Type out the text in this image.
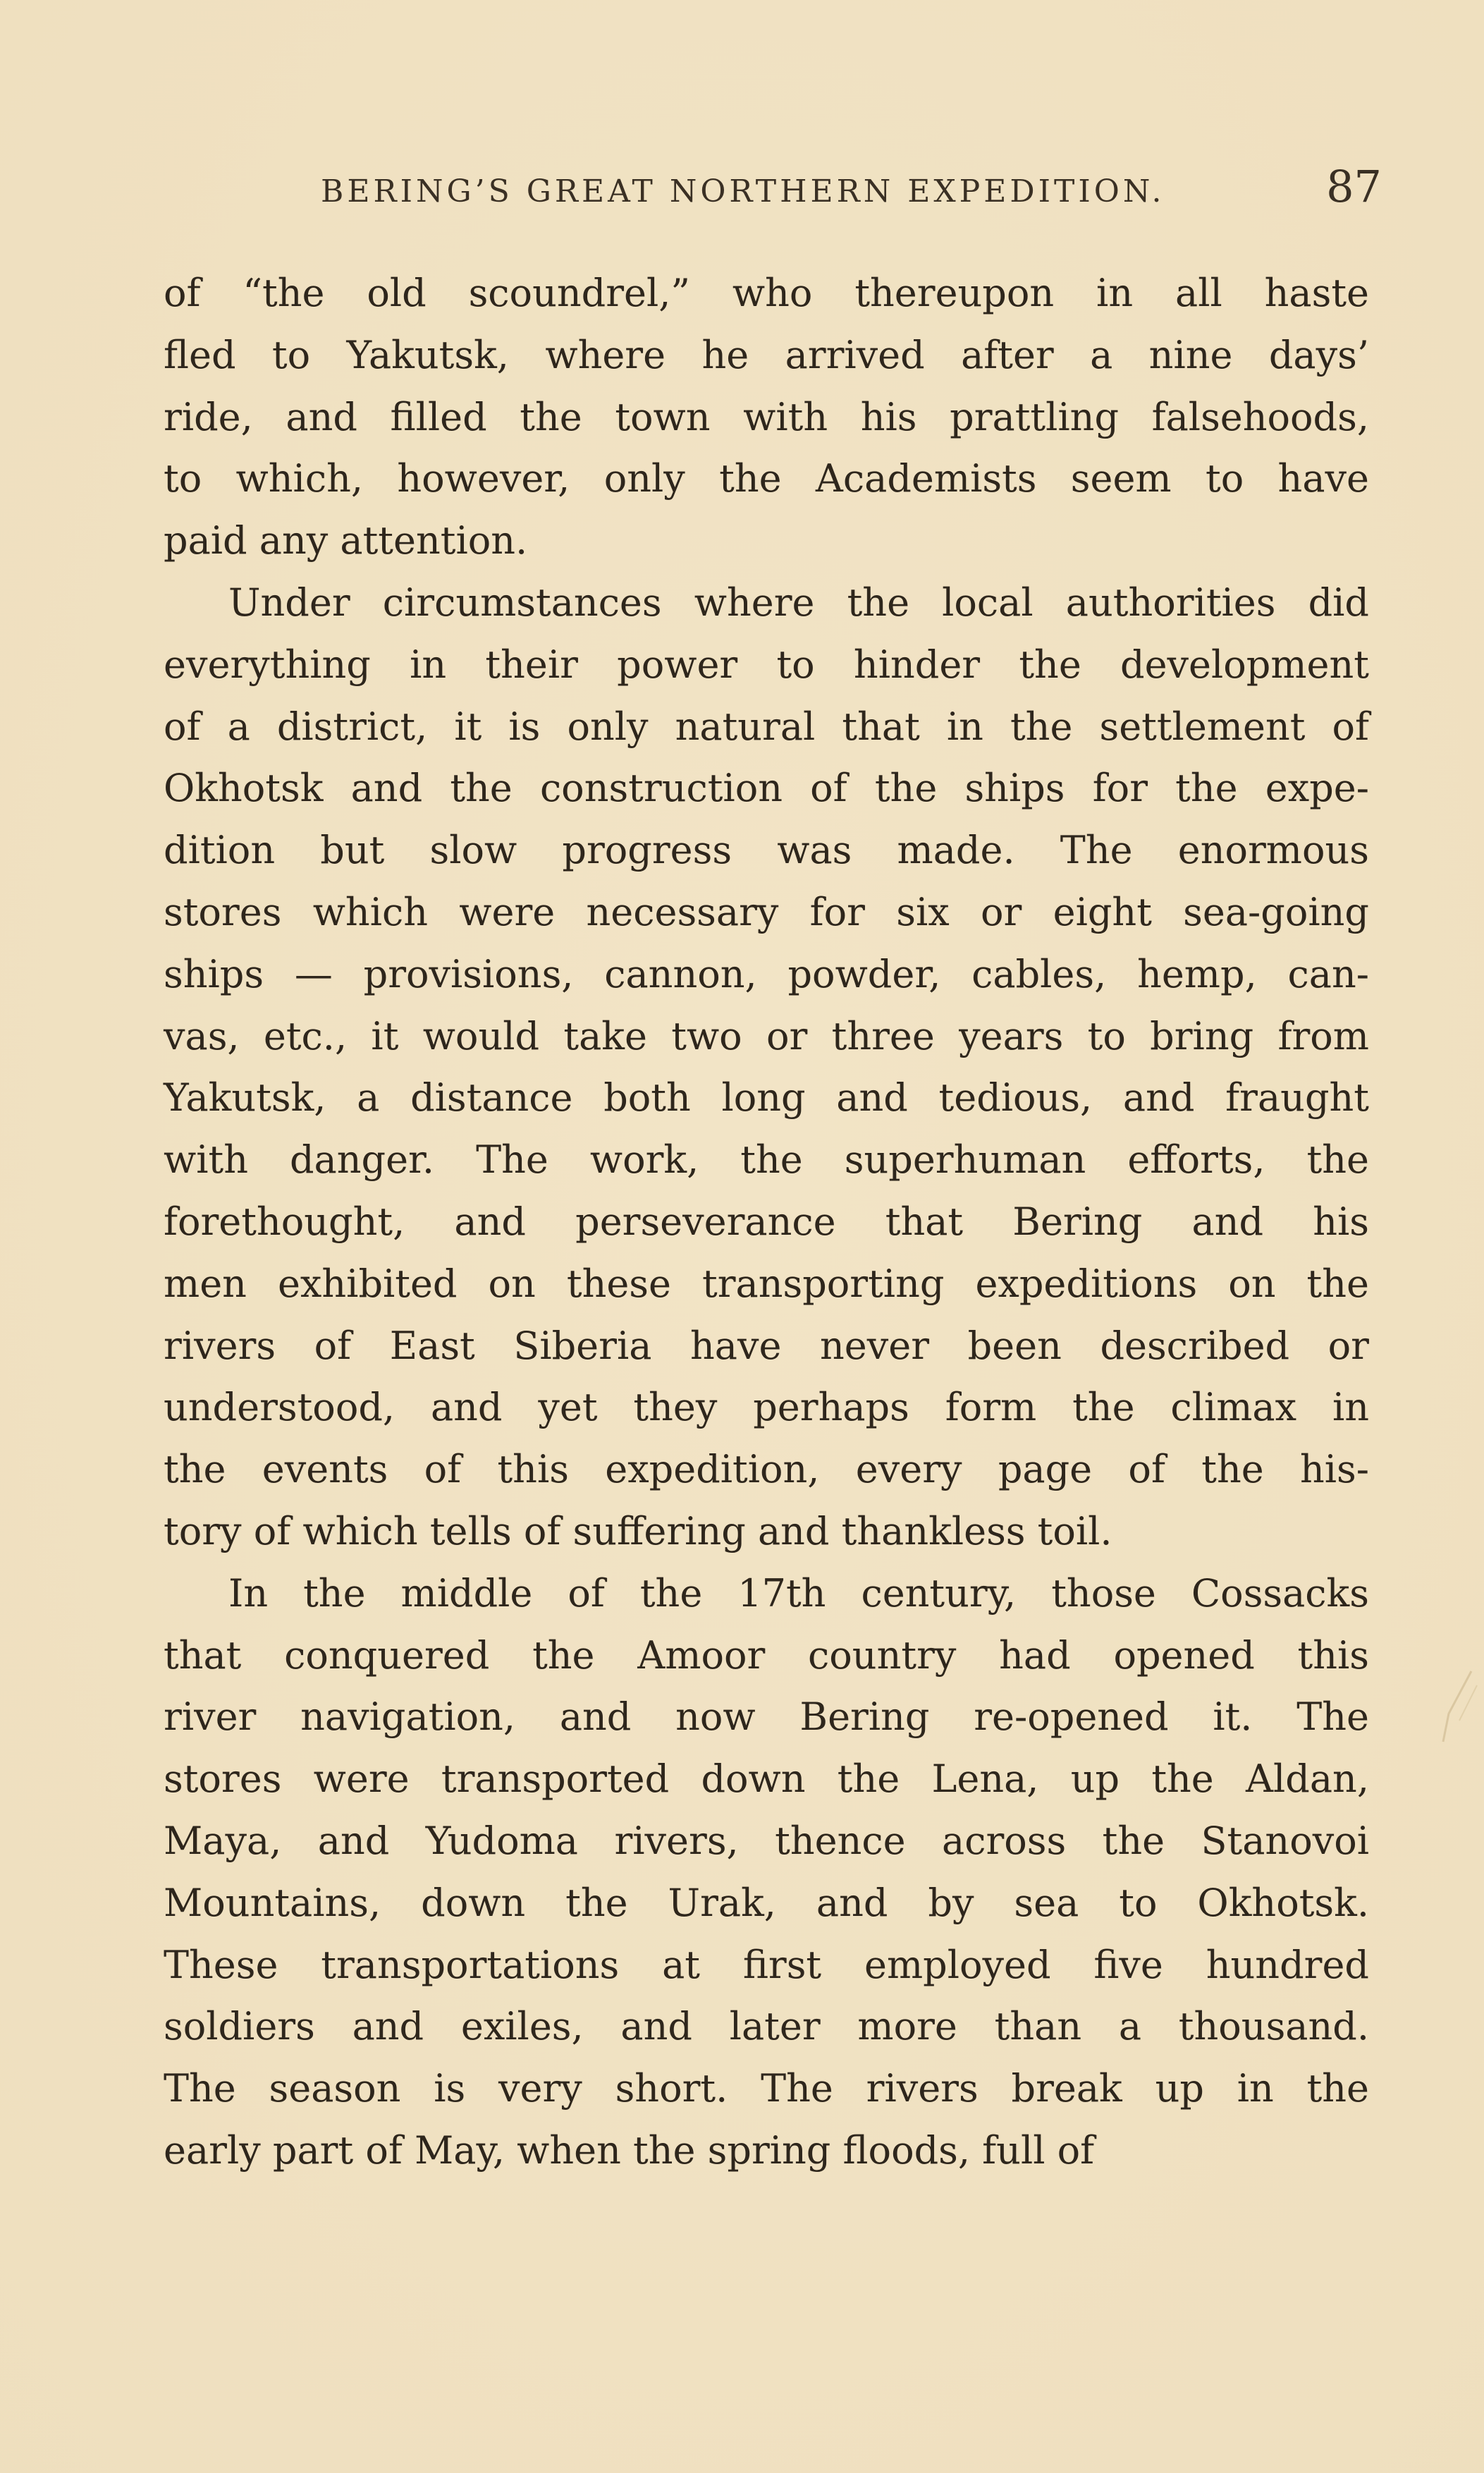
BERING’S GREAT NORTHERN EXPEDITION.	87
of “the old scoundrel,” who thereupon in all haste
fled to Yakutsk, where he arrived after a nine days’
ride, and filled the town with his prattling falsehoods,
to which, however, only the Academists seem to have
paid any attention.
Under circumstances where the local authorities did
everything in their power to hinder the development
of a district, it is only natural that in the settlement of
Okhotsk and the construction of the ships for the expe-
dition but slow progress was made. The enormous
stores which were necessary for six or eight sea-going
ships — provisions, cannon, powder, cables, hemp, can-
vas, etc., it would take two or three years to bring from
Yakutsk, a distance both long and tedious, and fraught
with danger. The work, the superhuman efforts, the
forethought, and perseverance that Bering and his
men exhibited on these transporting expeditions on the
rivers of East Siberia have never been described or
understood, and yet they perhaps form the climax in
the events of this expedition, every page of the his-
tory of which tells of suffering and thankless toil.
In the middle of the 17th century, those Cossacks
that conquered the Amoor country had opened this
river navigation, and now Bering re-opened it. The
stores were transported down the Lena, up the Aldan,
Maya, and Yudoma rivers, thence across the Stanovoi
Mountains, down the Urak, and by sea to Okhotsk.
These transportations at first employed five hundred
soldiers and exiles, and later more than a thousand.
The season is very short. The rivers break up in the
early part of May, when the spring floods, full of
